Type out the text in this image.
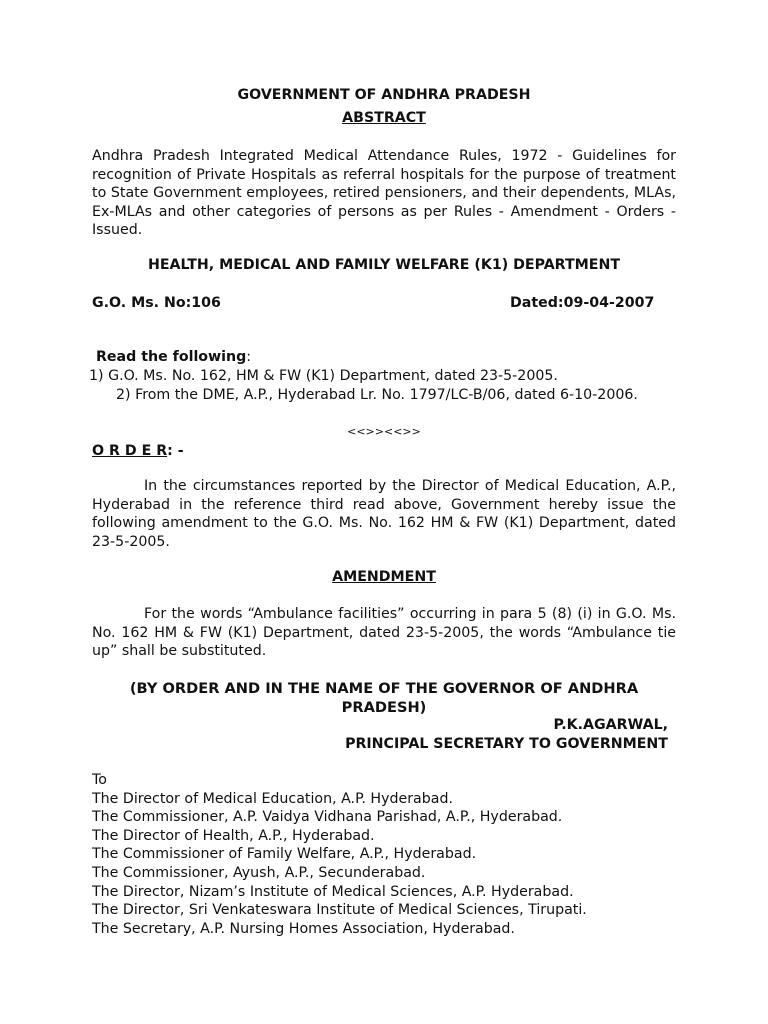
GOVERNMENT OF ANDHRA PRADESH
ABSTRACT
Andhra Pradesh Integrated Medical Attendance Rules, 1972 - Guidelines for recognition of Private Hospitals as referral hospitals for the purpose of treatment to State Government employees, retired pensioners, and their dependents, MLAs, Ex-MLAs and other categories of persons as per Rules - Amendment - Orders - Issued.
HEALTH, MEDICAL AND FAMILY WELFARE (K1) DEPARTMENT
G.O. Ms. No:106	Dated:09-04-2007
Read the following:
1) G.O. Ms. No. 162, HM & FW (K1) Department, dated 23-5-2005.
2) From the DME, A.P., Hyderabad Lr. No. 1797/LC-B/06, dated 6-10-2006.
<<>><<>>
O R D E R: -
In the circumstances reported by the Director of Medical Education, A.P., Hyderabad in the reference third read above, Government hereby issue the following amendment to the G.O. Ms. No. 162 HM & FW (K1) Department, dated 23-5-2005.
AMENDMENT
For the words “Ambulance facilities” occurring in para 5 (8) (i) in G.O. Ms. No. 162 HM & FW (K1) Department, dated 23-5-2005, the words “Ambulance tie up” shall be substituted.
(BY ORDER AND IN THE NAME OF THE GOVERNOR OF ANDHRA PRADESH)
P.K.AGARWAL,
PRINCIPAL SECRETARY TO GOVERNMENT
To
The Director of Medical Education, A.P. Hyderabad.
The Commissioner, A.P. Vaidya Vidhana Parishad, A.P., Hyderabad.
The Director of Health, A.P., Hyderabad.
The Commissioner of Family Welfare, A.P., Hyderabad.
The Commissioner, Ayush, A.P., Secunderabad.
The Director, Nizam’s Institute of Medical Sciences, A.P. Hyderabad.
The Director, Sri Venkateswara Institute of Medical Sciences, Tirupati.
The Secretary, A.P. Nursing Homes Association, Hyderabad.
